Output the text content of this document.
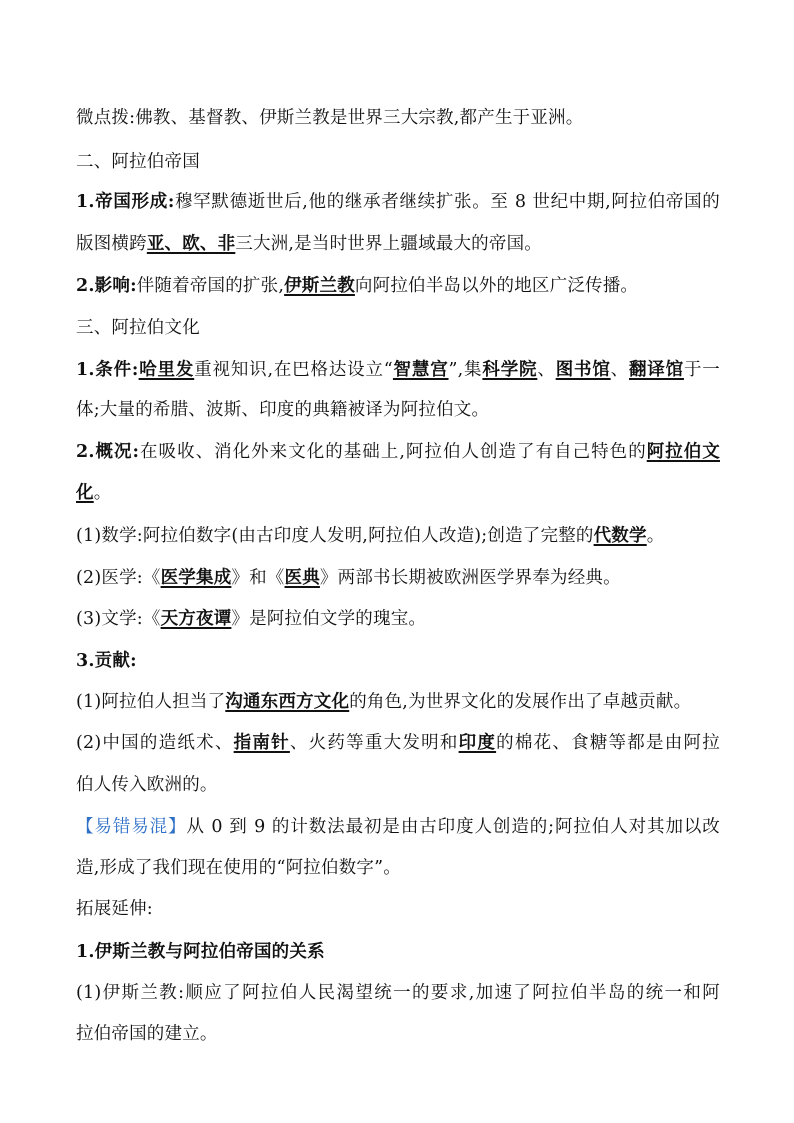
微点拨:佛教、基督教、伊斯兰教是世界三大宗教,都产生于亚洲。
二、阿拉伯帝国
1.帝国形成:穆罕默德逝世后,他的继承者继续扩张。至 8 世纪中期,阿拉伯帝国的
版图横跨亚、欧、非三大洲,是当时世界上疆域最大的帝国。
2.影响:伴随着帝国的扩张,伊斯兰教向阿拉伯半岛以外的地区广泛传播。
三、阿拉伯文化
1.条件:哈里发重视知识,在巴格达设立“智慧宫”,集科学院、图书馆、翻译馆于一
体;大量的希腊、波斯、印度的典籍被译为阿拉伯文。
2.概况:在吸收、消化外来文化的基础上,阿拉伯人创造了有自己特色的阿拉伯文
化。
(1)数学:阿拉伯数字(由古印度人发明,阿拉伯人改造);创造了完整的代数学。
(2)医学:《医学集成》和《医典》两部书长期被欧洲医学界奉为经典。
(3)文学:《天方夜谭》是阿拉伯文学的瑰宝。
3.贡献:
(1)阿拉伯人担当了沟通东西方文化的角色,为世界文化的发展作出了卓越贡献。
(2)中国的造纸术、指南针、火药等重大发明和印度的棉花、食糖等都是由阿拉
伯人传入欧洲的。
【易错易混】从 0 到 9 的计数法最初是由古印度人创造的;阿拉伯人对其加以改
造,形成了我们现在使用的“阿拉伯数字”。
拓展延伸:
1.伊斯兰教与阿拉伯帝国的关系
(1)伊斯兰教:顺应了阿拉伯人民渴望统一的要求,加速了阿拉伯半岛的统一和阿
拉伯帝国的建立。
